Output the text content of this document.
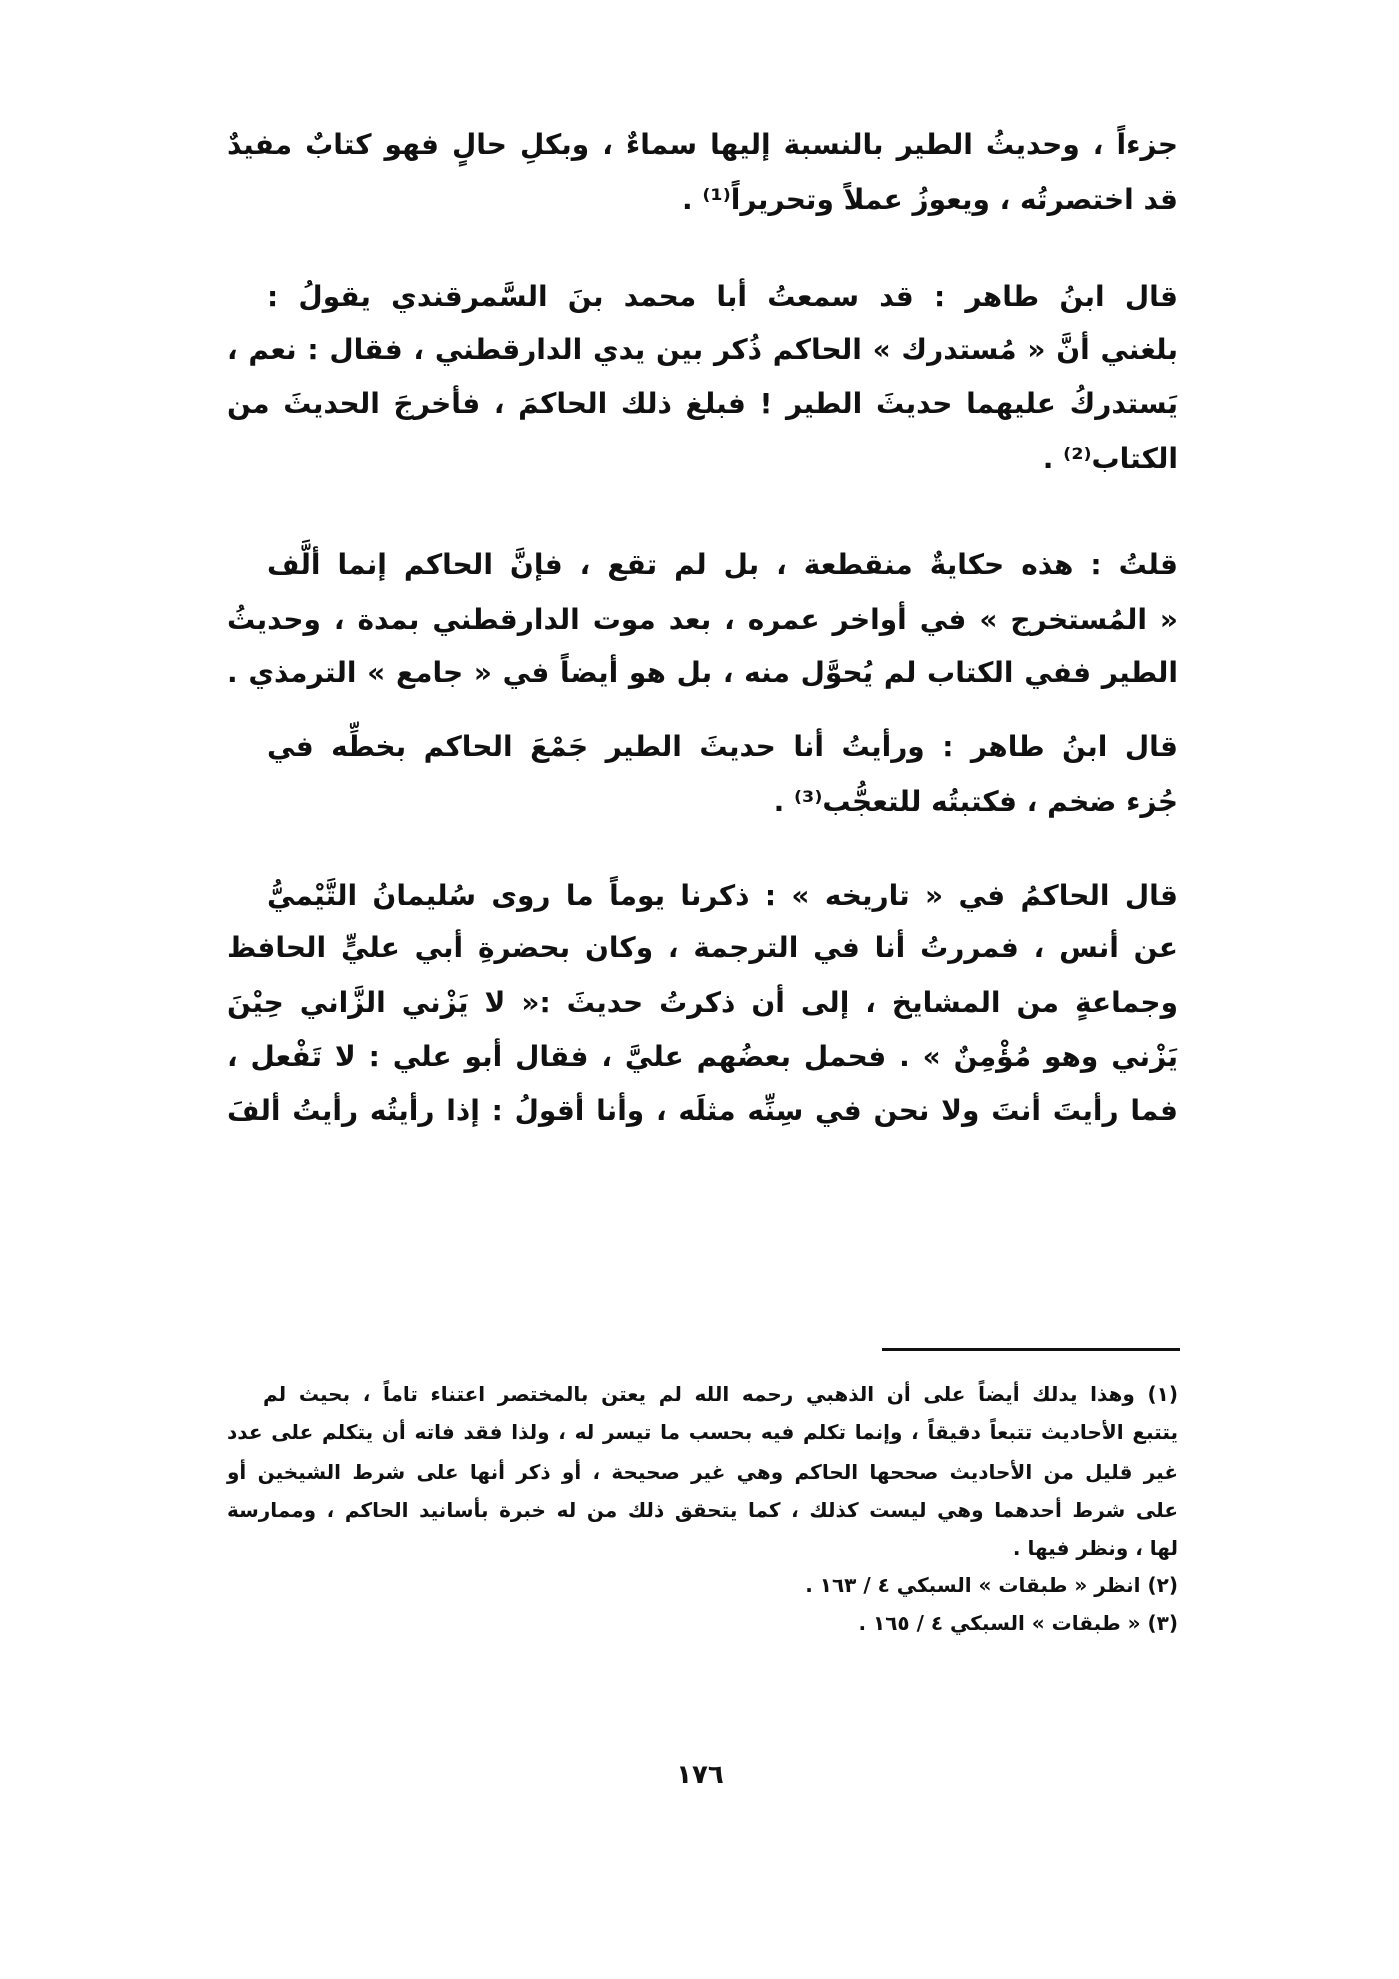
جزءاً ، وحديثُ الطير بالنسبة إليها سماءٌ ، وبكلِ حالٍ فهو كتابٌ مفيدٌ
قد اختصرتُه ، ويعوزُ عملاً وتحريراً⁽¹⁾ .
قال ابنُ طاهر : قد سمعتُ أبا محمد بنَ السَّمرقندي يقولُ :
بلغني أنَّ « مُستدرك » الحاكم ذُكر بين يدي الدارقطني ، فقال : نعم ،
يَستدركُ عليهما حديثَ الطير ! فبلغ ذلك الحاكمَ ، فأخرجَ الحديثَ من
الكتاب⁽²⁾ .
قلتُ : هذه حكايةٌ منقطعة ، بل لم تقع ، فإنَّ الحاكم إنما ألَّف
« المُستخرج » في أواخر عمره ، بعد موت الدارقطني بمدة ، وحديثُ
الطير ففي الكتاب لم يُحوَّل منه ، بل هو أيضاً في « جامع » الترمذي .
قال ابنُ طاهر : ورأيتُ أنا حديثَ الطير جَمْعَ الحاكم بخطِّه في
جُزء ضخم ، فكتبتُه للتعجُّب⁽³⁾ .
قال الحاكمُ في « تاريخه » : ذكرنا يوماً ما روى سُليمانُ التَّيْميُّ
عن أنس ، فمررتُ أنا في الترجمة ، وكان بحضرةِ أبي عليٍّ الحافظ
وجماعةٍ من المشايخ ، إلى أن ذكرتُ حديثَ :« لا يَزْني الزَّاني حِيْنَ
يَزْني وهو مُؤْمِنٌ » . فحمل بعضُهم عليَّ ، فقال أبو علي : لا تَفْعل ،
فما رأيتَ أنتَ ولا نحن في سِنِّه مثلَه ، وأنا أقولُ : إذا رأيتُه رأيتُ ألفَ
(١) وهذا يدلك أيضاً على أن الذهبي رحمه الله لم يعتن بالمختصر اعتناء تاماً ، بحيث لم
يتتبع الأحاديث تتبعاً دقيقاً ، وإنما تكلم فيه بحسب ما تيسر له ، ولذا فقد فاته أن يتكلم على عدد
غير قليل من الأحاديث صححها الحاكم وهي غير صحيحة ، أو ذكر أنها على شرط الشيخين أو
على شرط أحدهما وهي ليست كذلك ، كما يتحقق ذلك من له خبرة بأسانيد الحاكم ، وممارسة
لها ، ونظر فيها .
(٢) انظر « طبقات » السبكي ٤ / ١٦٣ .
(٣) « طبقات » السبكي ٤ / ١٦٥ .
١٧٦
